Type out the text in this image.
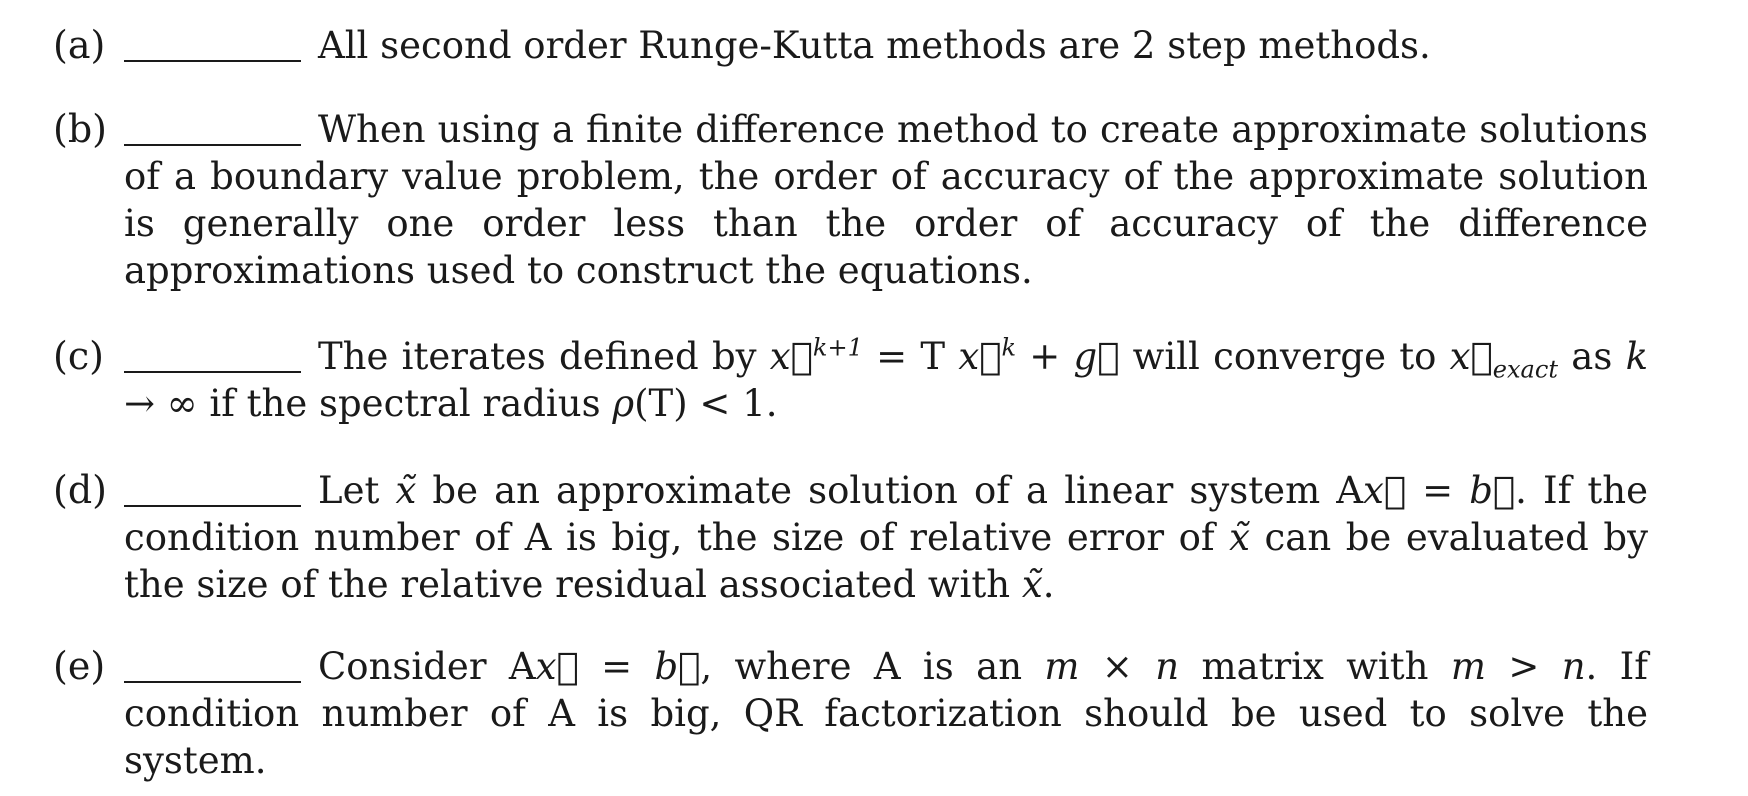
(a)	All second order Runge-Kutta methods are 2 step methods.
(b)	When using a finite difference method to create approximate solutions of a boundary value problem, the order of accuracy of the approximate solution is generally one order less than the order of accuracy of the difference approximations used to construct the equations.
(c)	The iterates defined by x⃗$^{k+1}$ = T x⃗$^k$ + g⃗ will converge to $x⃗_{exact}$ as k → ∞ if the spectral radius ρ(T) < 1.
(d)	Let x̃ be an approximate solution of a linear system Ax⃗ = b⃗. If the condition number of A is big, the size of relative error of x̃ can be evaluated by the size of the relative residual associated with x̃.
(e)	Consider Ax⃗ = b⃗, where A is an m × n matrix with m > n. If condition number of A is big, QR factorization should be used to solve the system.
